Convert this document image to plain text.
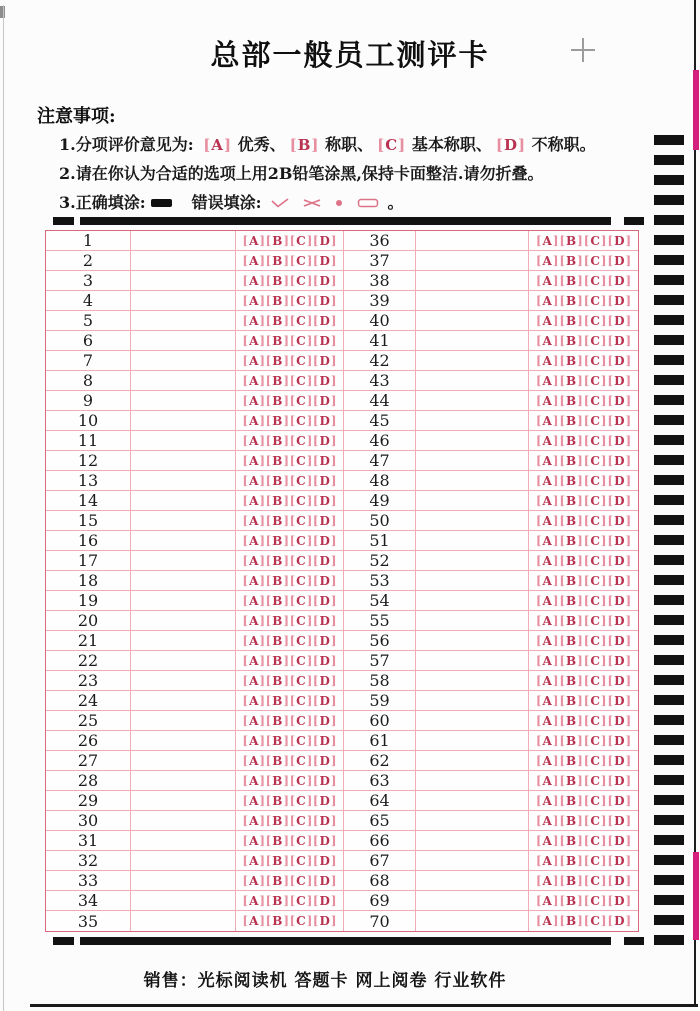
总部一般员工测评卡
注意事项:
1.分项评价意见为: [A] 优秀、 [B] 称职、 [C] 基本称职、 [D] 不称职。
2.请在你认为合适的选项上用2B铅笔涂黑,保持卡面整洁.请勿折叠。
3.正确填涂:	错误填涂:	。
1	[ A ] [ B ] [ C ] [ D ]	36	[ A ] [ B ] [ C ] [ D ]
2	[ A ] [ B ] [ C ] [ D ]	37	[ A ] [ B ] [ C ] [ D ]
3	[ A ] [ B ] [ C ] [ D ]	38	[ A ] [ B ] [ C ] [ D ]
4	[ A ] [ B ] [ C ] [ D ]	39	[ A ] [ B ] [ C ] [ D ]
5	[ A ] [ B ] [ C ] [ D ]	40	[ A ] [ B ] [ C ] [ D ]
6	[ A ] [ B ] [ C ] [ D ]	41	[ A ] [ B ] [ C ] [ D ]
7	[ A ] [ B ] [ C ] [ D ]	42	[ A ] [ B ] [ C ] [ D ]
8	[ A ] [ B ] [ C ] [ D ]	43	[ A ] [ B ] [ C ] [ D ]
9	[ A ] [ B ] [ C ] [ D ]	44	[ A ] [ B ] [ C ] [ D ]
10	[ A ] [ B ] [ C ] [ D ]	45	[ A ] [ B ] [ C ] [ D ]
11	[ A ] [ B ] [ C ] [ D ]	46	[ A ] [ B ] [ C ] [ D ]
12	[ A ] [ B ] [ C ] [ D ]	47	[ A ] [ B ] [ C ] [ D ]
13	[ A ] [ B ] [ C ] [ D ]	48	[ A ] [ B ] [ C ] [ D ]
14	[ A ] [ B ] [ C ] [ D ]	49	[ A ] [ B ] [ C ] [ D ]
15	[ A ] [ B ] [ C ] [ D ]	50	[ A ] [ B ] [ C ] [ D ]
16	[ A ] [ B ] [ C ] [ D ]	51	[ A ] [ B ] [ C ] [ D ]
17	[ A ] [ B ] [ C ] [ D ]	52	[ A ] [ B ] [ C ] [ D ]
18	[ A ] [ B ] [ C ] [ D ]	53	[ A ] [ B ] [ C ] [ D ]
19	[ A ] [ B ] [ C ] [ D ]	54	[ A ] [ B ] [ C ] [ D ]
20	[ A ] [ B ] [ C ] [ D ]	55	[ A ] [ B ] [ C ] [ D ]
21	[ A ] [ B ] [ C ] [ D ]	56	[ A ] [ B ] [ C ] [ D ]
22	[ A ] [ B ] [ C ] [ D ]	57	[ A ] [ B ] [ C ] [ D ]
23	[ A ] [ B ] [ C ] [ D ]	58	[ A ] [ B ] [ C ] [ D ]
24	[ A ] [ B ] [ C ] [ D ]	59	[ A ] [ B ] [ C ] [ D ]
25	[ A ] [ B ] [ C ] [ D ]	60	[ A ] [ B ] [ C ] [ D ]
26	[ A ] [ B ] [ C ] [ D ]	61	[ A ] [ B ] [ C ] [ D ]
27	[ A ] [ B ] [ C ] [ D ]	62	[ A ] [ B ] [ C ] [ D ]
28	[ A ] [ B ] [ C ] [ D ]	63	[ A ] [ B ] [ C ] [ D ]
29	[ A ] [ B ] [ C ] [ D ]	64	[ A ] [ B ] [ C ] [ D ]
30	[ A ] [ B ] [ C ] [ D ]	65	[ A ] [ B ] [ C ] [ D ]
31	[ A ] [ B ] [ C ] [ D ]	66	[ A ] [ B ] [ C ] [ D ]
32	[ A ] [ B ] [ C ] [ D ]	67	[ A ] [ B ] [ C ] [ D ]
33	[ A ] [ B ] [ C ] [ D ]	68	[ A ] [ B ] [ C ] [ D ]
34	[ A ] [ B ] [ C ] [ D ]	69	[ A ] [ B ] [ C ] [ D ]
35	[ A ] [ B ] [ C ] [ D ]	70	[ A ] [ B ] [ C ] [ D ]
销售：光标阅读机 答题卡 网上阅卷 行业软件
